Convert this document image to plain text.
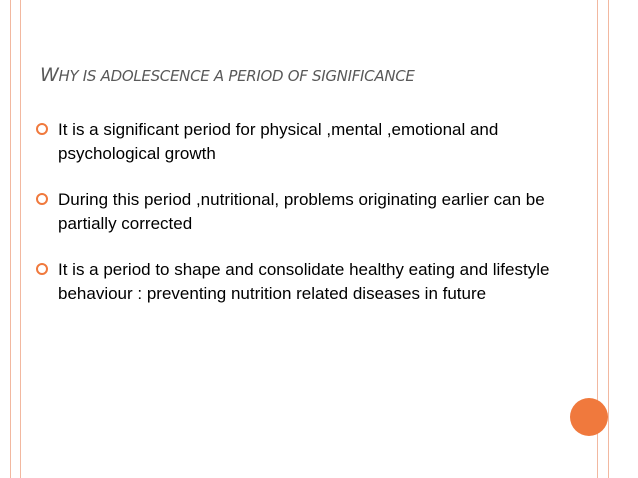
WHY IS ADOLESCENCE A PERIOD OF SIGNIFICANCE
It is a significant period for physical ,mental ,emotional and psychological growth
During this period ,nutritional, problems originating earlier can be partially corrected
It is a period to shape and consolidate healthy eating and lifestyle behaviour : preventing nutrition related diseases in future
